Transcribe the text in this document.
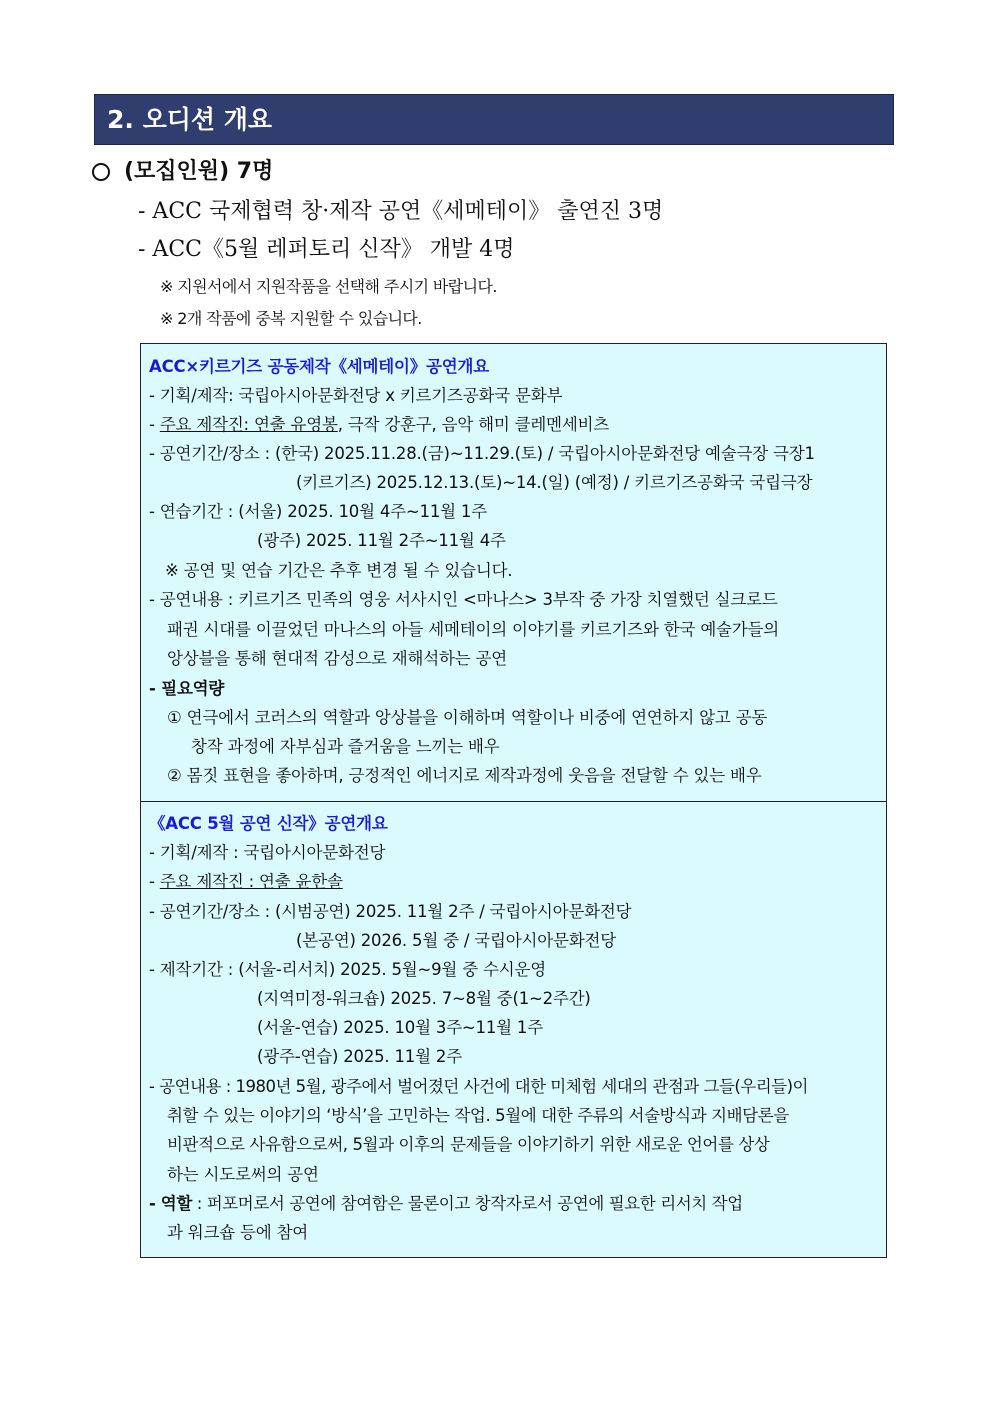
2. 오디션 개요
(모집인원) 7명
- ACC 국제협력 창·제작 공연《세메테이》 출연진 3명
- ACC《5월 레퍼토리 신작》 개발 4명
※ 지원서에서 지원작품을 선택해 주시기 바랍니다.
※ 2개 작품에 중복 지원할 수 있습니다.
ACC×키르기즈 공동제작《세메테이》공연개요
- 기획/제작: 국립아시아문화전당 x 키르기즈공화국 문화부
- 주요 제작진: 연출 유영봉, 극작 강훈구, 음악 해미 클레멘세비츠
- 공연기간/장소 : (한국) 2025.11.28.(금)~11.29.(토) / 국립아시아문화전당 예술극장 극장1
(키르기즈) 2025.12.13.(토)~14.(일) (예정) / 키르기즈공화국 국립극장
- 연습기간 : (서울) 2025. 10월 4주~11월 1주
(광주) 2025. 11월 2주~11월 4주
※ 공연 및 연습 기간은 추후 변경 될 수 있습니다.
- 공연내용 : 키르기즈 민족의 영웅 서사시인 <마나스> 3부작 중 가장 치열했던 실크로드
패권 시대를 이끌었던 마나스의 아들 세메테이의 이야기를 키르기즈와 한국 예술가들의
앙상블을 통해 현대적 감성으로 재해석하는 공연
- 필요역량
① 연극에서 코러스의 역할과 앙상블을 이해하며 역할이나 비중에 연연하지 않고 공동
창작 과정에 자부심과 즐거움을 느끼는 배우
② 몸짓 표현을 좋아하며, 긍정적인 에너지로 제작과정에 웃음을 전달할 수 있는 배우
《ACC 5월 공연 신작》공연개요
- 기획/제작 : 국립아시아문화전당
- 주요 제작진 : 연출 윤한솔
- 공연기간/장소 : (시범공연) 2025. 11월 2주 / 국립아시아문화전당
(본공연) 2026. 5월 중 / 국립아시아문화전당
- 제작기간 : (서울-리서치) 2025. 5월~9월 중 수시운영
(지역미정-워크숍) 2025. 7~8월 중(1~2주간)
(서울-연습) 2025. 10월 3주~11월 1주
(광주-연습) 2025. 11월 2주
- 공연내용 : 1980년 5월, 광주에서 벌어졌던 사건에 대한 미체험 세대의 관점과 그들(우리들)이
취할 수 있는 이야기의 ‘방식’을 고민하는 작업. 5월에 대한 주류의 서술방식과 지배담론을
비판적으로 사유함으로써, 5월과 이후의 문제들을 이야기하기 위한 새로운 언어를 상상
하는 시도로써의 공연
- 역할 : 퍼포머로서 공연에 참여함은 물론이고 창작자로서 공연에 필요한 리서치 작업
과 워크숍 등에 참여
